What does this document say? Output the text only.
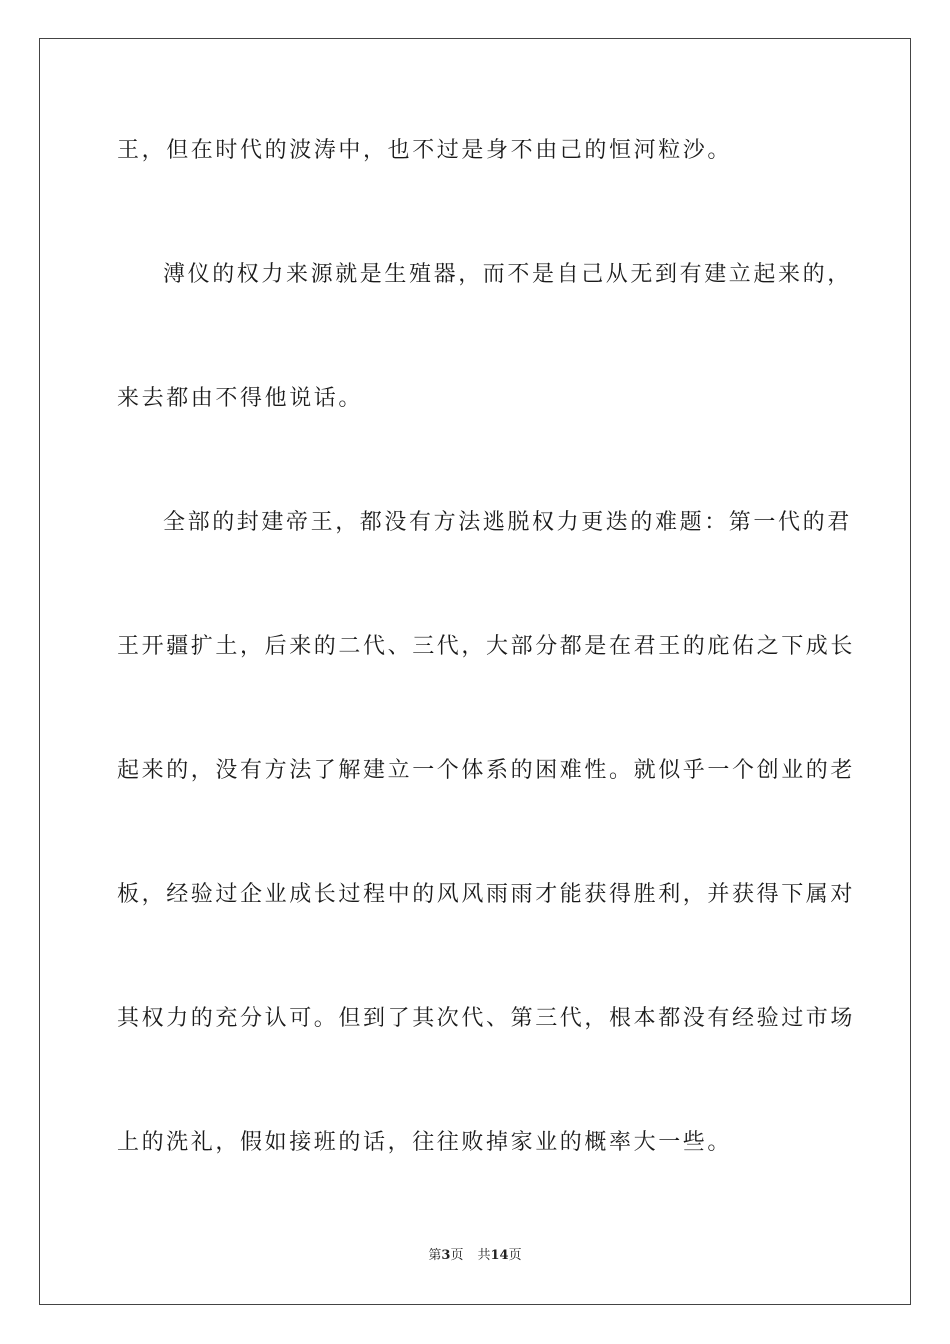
王，但在时代的波涛中，也不过是身不由己的恒河粒沙。
溥仪的权力来源就是生殖器，而不是自己从无到有建立起来的，
来去都由不得他说话。
全部的封建帝王，都没有方法逃脱权力更迭的难题：第一代的君
王开疆扩土，后来的二代、三代，大部分都是在君王的庇佑之下成长
起来的，没有方法了解建立一个体系的困难性。就似乎一个创业的老
板，经验过企业成长过程中的风风雨雨才能获得胜利，并获得下属对
其权力的充分认可。但到了其次代、第三代，根本都没有经验过市场
上的洗礼，假如接班的话，往往败掉家业的概率大一些。
第3页 共14页
